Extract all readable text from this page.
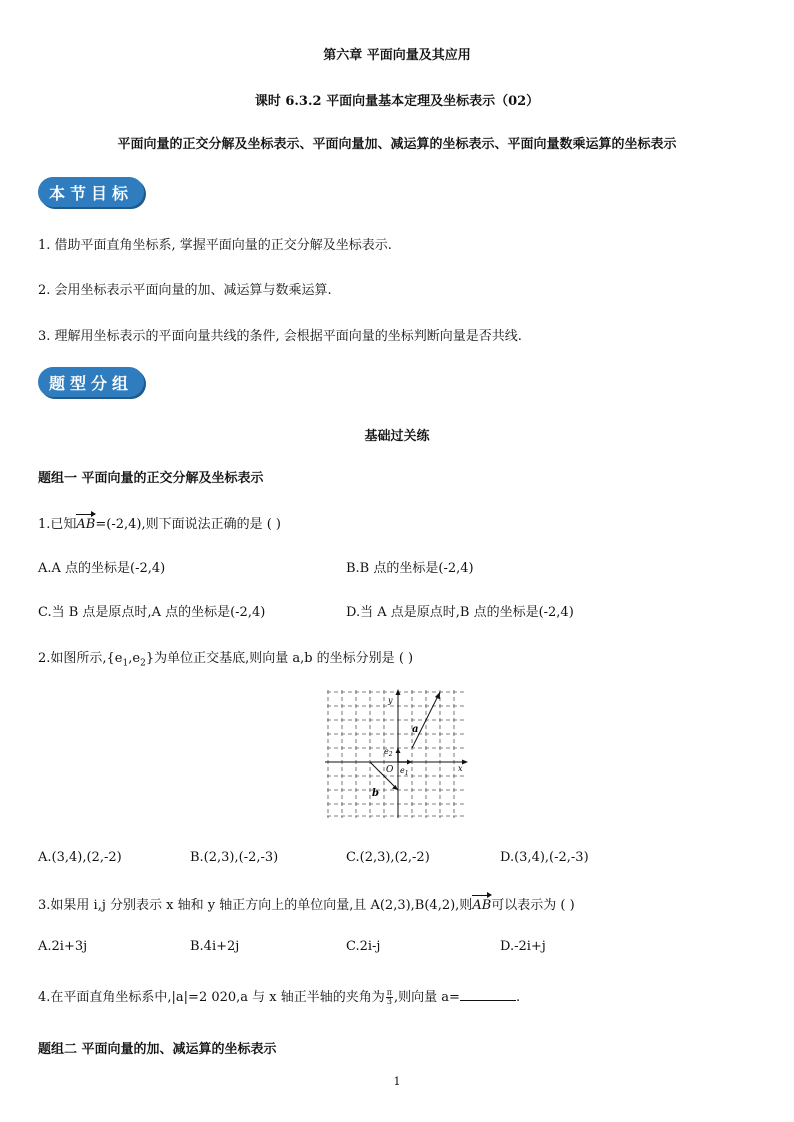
第六章 平面向量及其应用
课时 6.3.2 平面向量基本定理及坐标表示（02）
平面向量的正交分解及坐标表示、平面向量加、减运算的坐标表示、平面向量数乘运算的坐标表示
本节目标
1. 借助平面直角坐标系, 掌握平面向量的正交分解及坐标表示.
2. 会用坐标表示平面向量的加、减运算与数乘运算.
3. 理解用坐标表示的平面向量共线的条件, 会根据平面向量的坐标判断向量是否共线.
题型分组
基础过关练
题组一 平面向量的正交分解及坐标表示
1.已知AB=(-2,4),则下面说法正确的是 ( )
A.A 点的坐标是(-2,4)	B.B 点的坐标是(-2,4)
C.当 B 点是原点时,A 点的坐标是(-2,4)	D.当 A 点是原点时,B 点的坐标是(-2,4)
2.如图所示$,\{e_1,e_2\}$为单位正交基底,则向量 a,b 的坐标分别是 ( )
y
x
O
a
b
$e_2$
$e_1$
A.(3,4),(2,-2)	B.(2,3),(-2,-3)	C.(2,3),(2,-2)	D.(3,4),(-2,-3)
3.如果用 i,j 分别表示 x 轴和 y 轴正方向上的单位向量,且 A(2,3),B(4,2),则AB可以表示为 ( )
A.2i+3j	B.4i+2j	C.2i-j	D.-2i+j
4.在平面直角坐标系中,|a|=2 020,a 与 x 轴正半轴的夹角为 $\frac{\pi}{3}$ ,则向量 a=	.
题组二 平面向量的加、减运算的坐标表示
1
